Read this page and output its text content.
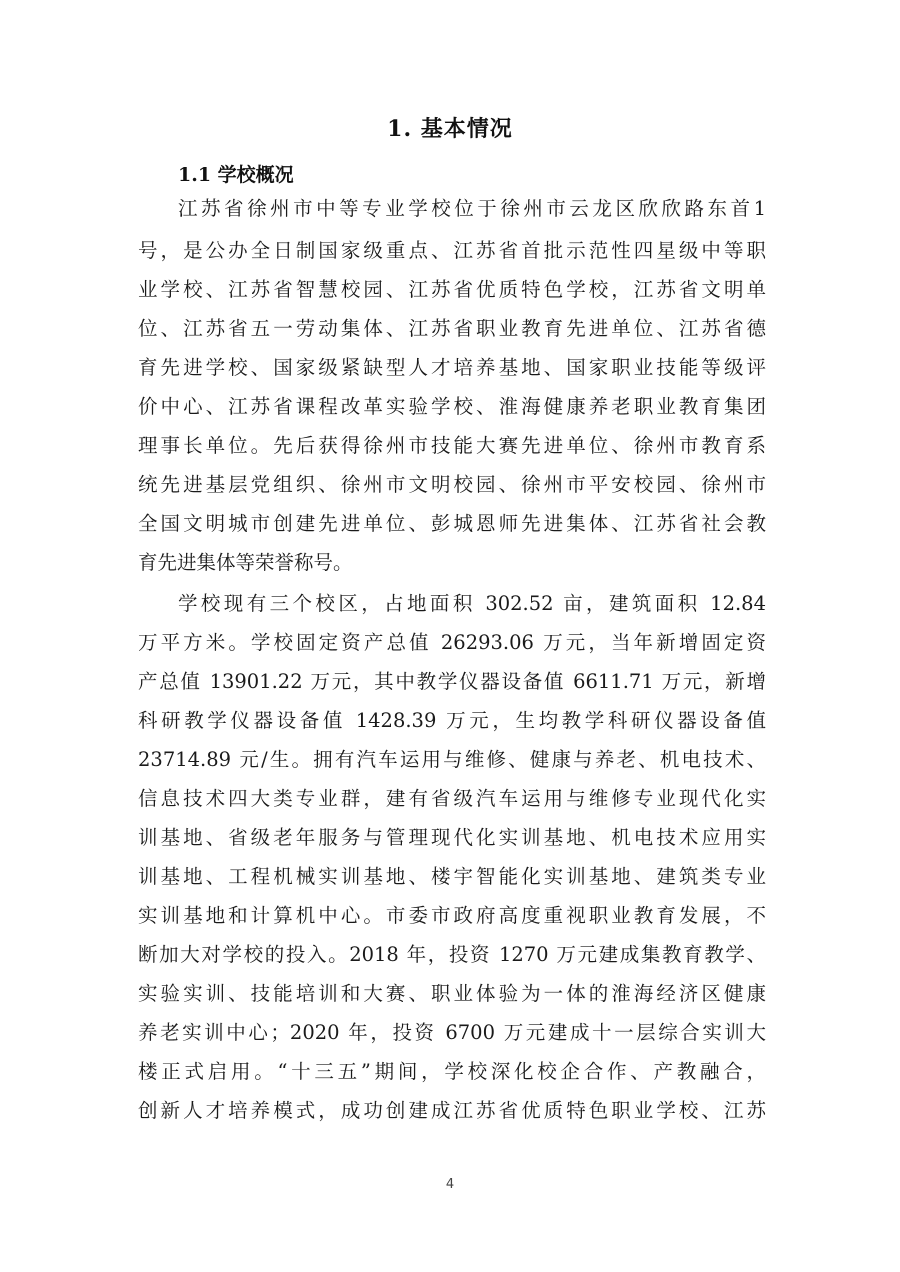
1. 基本情况
1.1 学校概况
江苏省徐州市中等专业学校位于徐州市云龙区欣欣路东首1
号，是公办全日制国家级重点、江苏省首批示范性四星级中等职
业学校、江苏省智慧校园、江苏省优质特色学校，江苏省文明单
位、江苏省五一劳动集体、江苏省职业教育先进单位、江苏省德
育先进学校、国家级紧缺型人才培养基地、国家职业技能等级评
价中心、江苏省课程改革实验学校、淮海健康养老职业教育集团
理事长单位。先后获得徐州市技能大赛先进单位、徐州市教育系
统先进基层党组织、徐州市文明校园、徐州市平安校园、徐州市
全国文明城市创建先进单位、彭城恩师先进集体、江苏省社会教
育先进集体等荣誉称号。
学校现有三个校区，占地面积 302.52 亩，建筑面积 12.84
万平方米。学校固定资产总值 26293.06 万元，当年新增固定资
产总值 13901.22 万元，其中教学仪器设备值 6611.71 万元，新增
科研教学仪器设备值 1428.39 万元，生均教学科研仪器设备值
23714.89 元/生。拥有汽车运用与维修、健康与养老、机电技术、
信息技术四大类专业群，建有省级汽车运用与维修专业现代化实
训基地、省级老年服务与管理现代化实训基地、机电技术应用实
训基地、工程机械实训基地、楼宇智能化实训基地、建筑类专业
实训基地和计算机中心。市委市政府高度重视职业教育发展，不
断加大对学校的投入。2018 年，投资 1270 万元建成集教育教学、
实验实训、技能培训和大赛、职业体验为一体的淮海经济区健康
养老实训中心；2020 年，投资 6700 万元建成十一层综合实训大
楼正式启用。“十三五”期间，学校深化校企合作、产教融合，
创新人才培养模式，成功创建成江苏省优质特色职业学校、江苏
4
